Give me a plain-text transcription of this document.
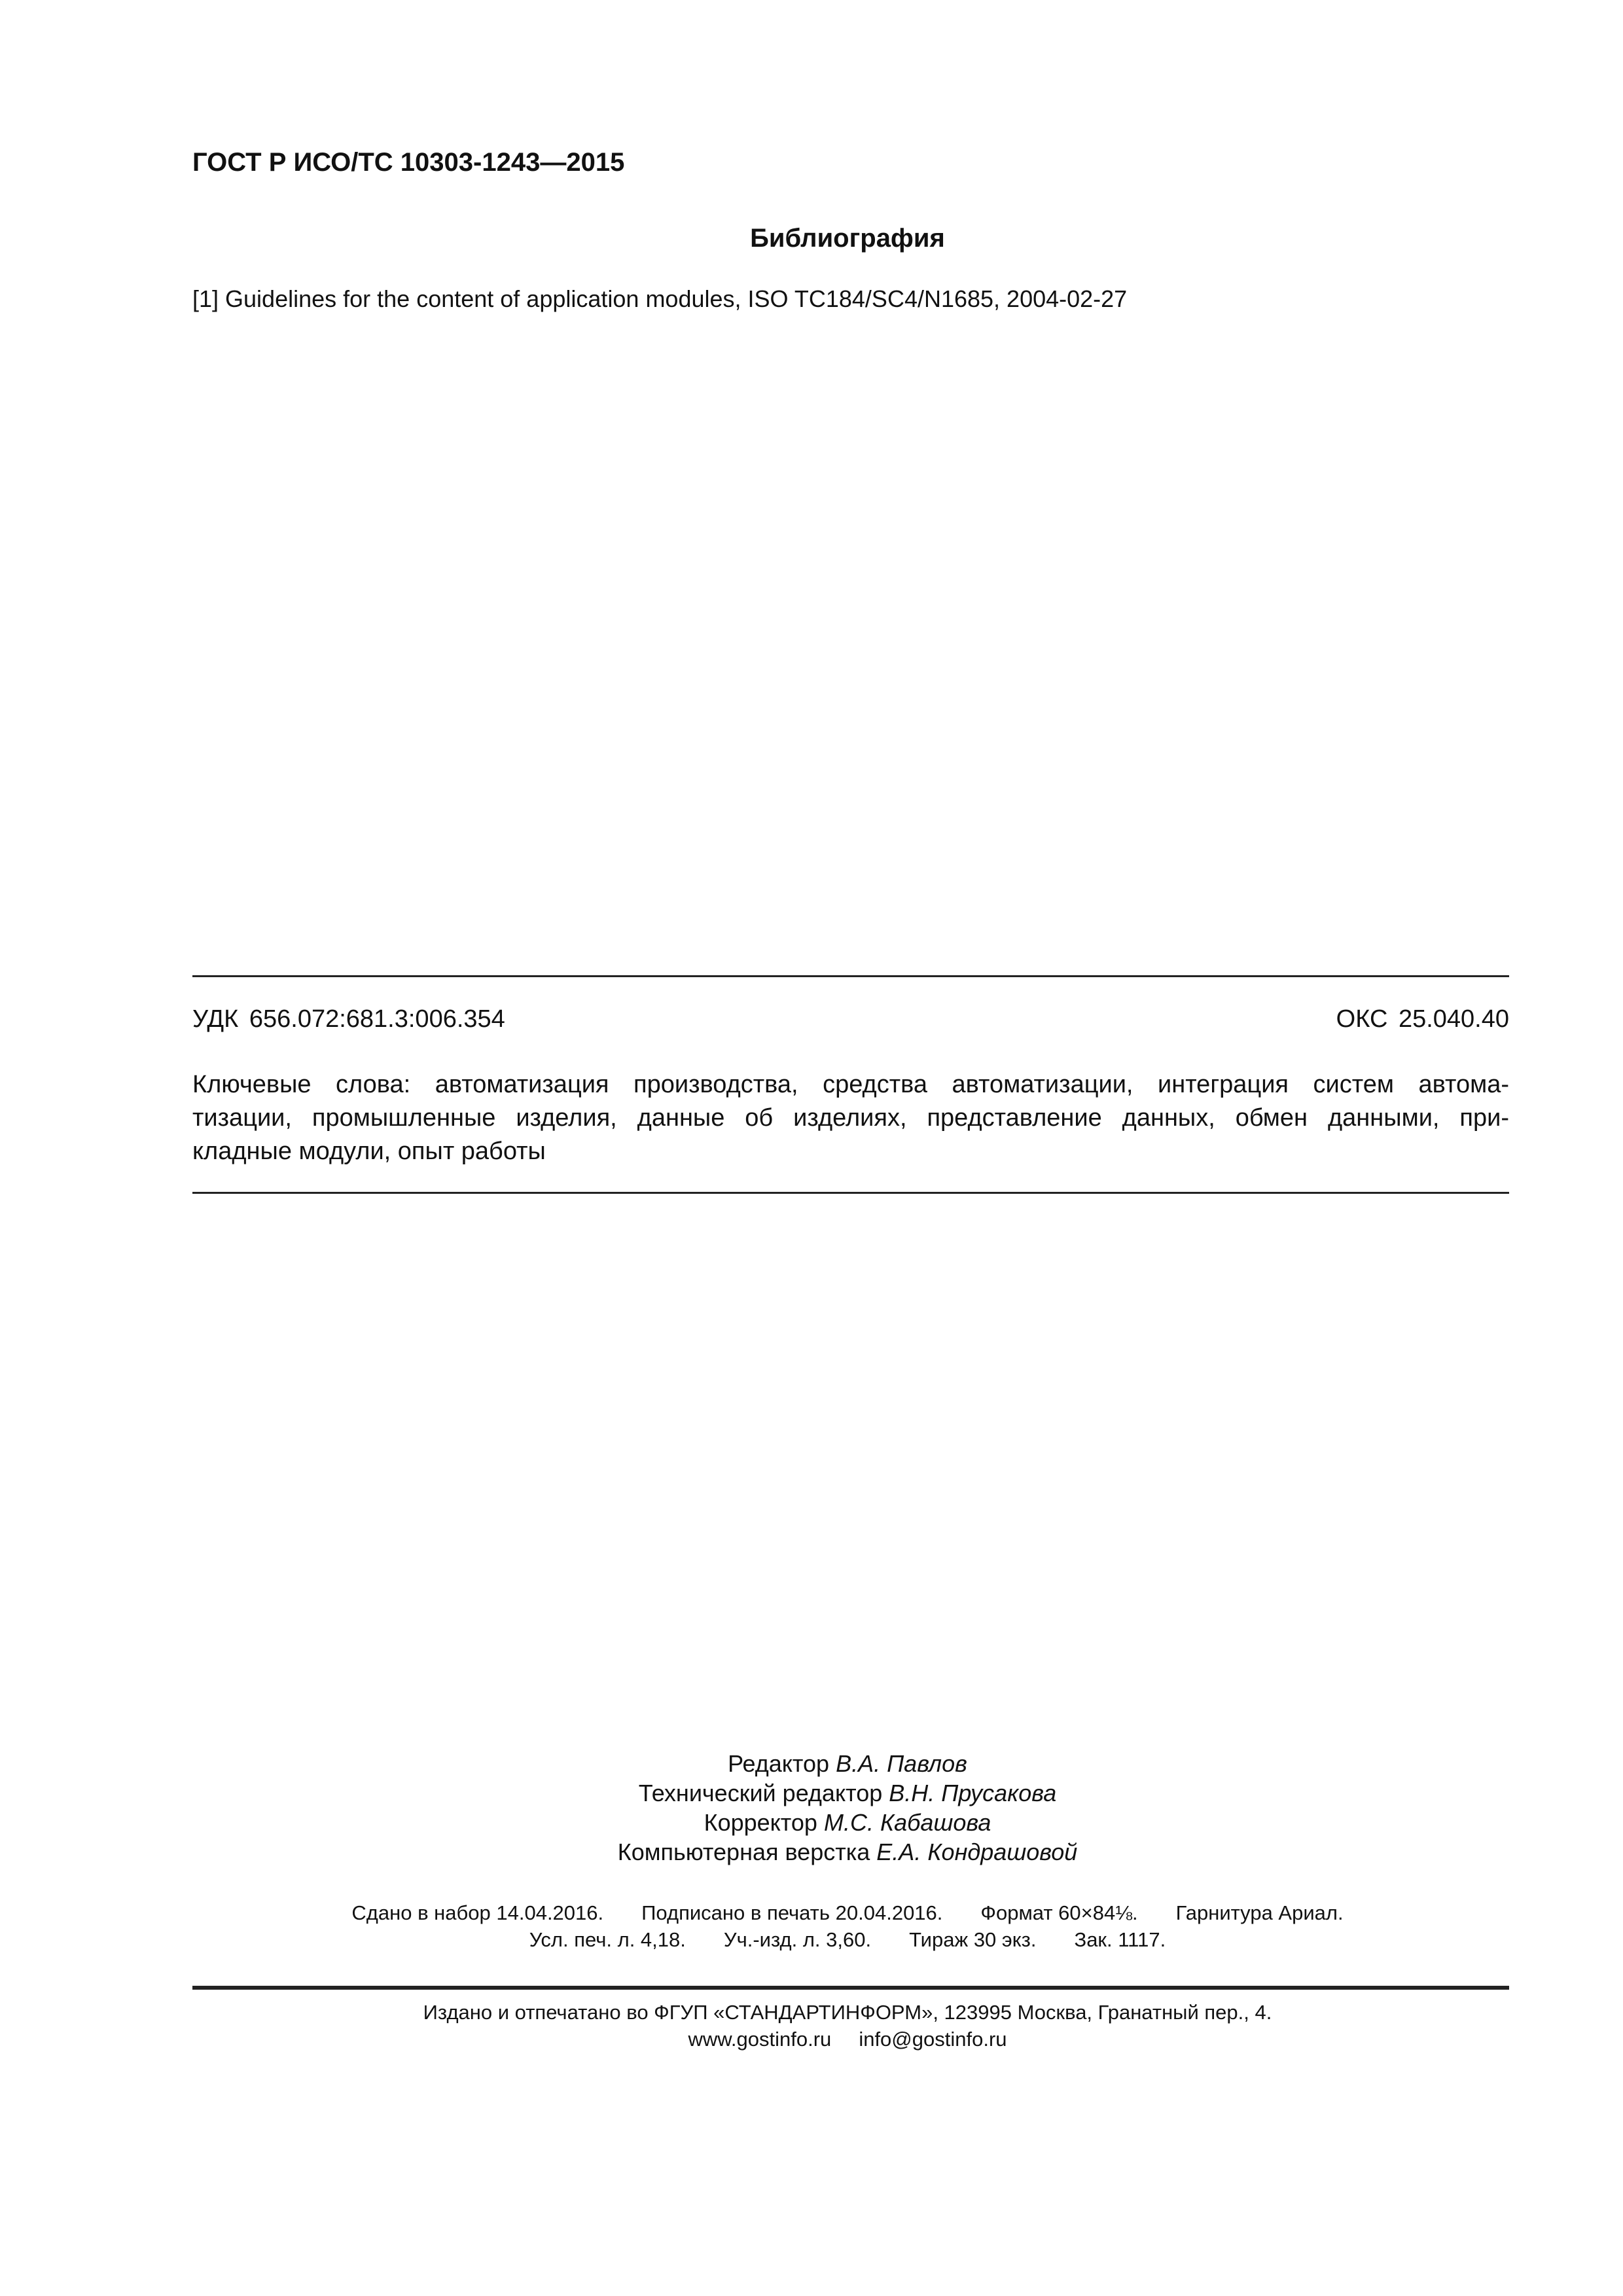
ГОСТ Р ИСО/ТС 10303-1243—2015
Библиография
[1] Guidelines for the content of application modules, ISO TC184/SC4/N1685, 2004-02-27
УДК 656.072:681.3:006.354	ОКС 25.040.40
Ключевые слова: автоматизация производства, средства автоматизации, интеграция систем автома-
тизации, промышленные изделия, данные об изделиях, представление данных, обмен данными, при-
кладные модули, опыт работы
Редактор В.А. Павлов
Технический редактор В.Н. Прусакова
Корректор М.С. Кабашова
Компьютерная верстка Е.А. Кондрашовой
Сдано в набор 14.04.2016. Подписано в печать 20.04.2016. Формат 60×84⅛. Гарнитура Ариал.
Усл. печ. л. 4,18. Уч.-изд. л. 3,60. Тираж 30 экз. Зак. 1117.
Издано и отпечатано во ФГУП «СТАНДАРТИНФОРМ», 123995 Москва, Гранатный пер., 4.
www.gostinfo.ru info@gostinfo.ru
